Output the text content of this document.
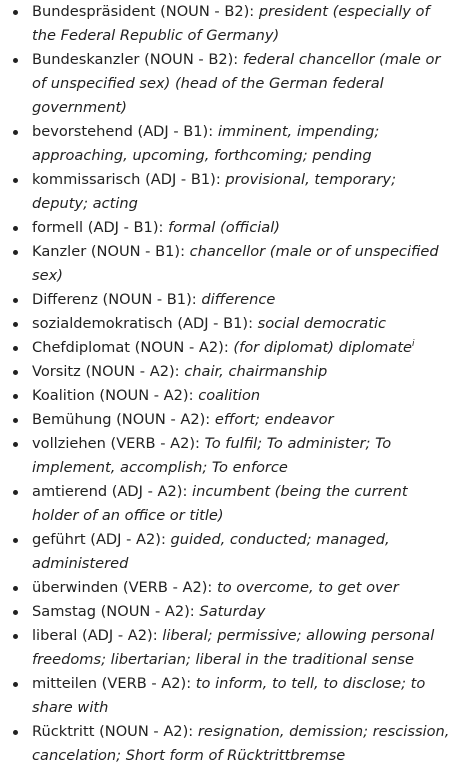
Bundespräsident (NOUN - B2): president (especially of the Federal Republic of Germany)
Bundeskanzler (NOUN - B2): federal chancellor (male or of unspecified sex) (head of the German federal government)
bevorstehend (ADJ - B1): imminent, impending; approaching, upcoming, forthcoming; pending
kommissarisch (ADJ - B1): provisional, temporary; deputy; acting
formell (ADJ - B1): formal (official)
Kanzler (NOUN - B1): chancellor (male or of unspecified sex)
Differenz (NOUN - B1): difference
sozialdemokratisch (ADJ - B1): social democratic
Chefdiplomat (NOUN - A2): (for diplomat) diplomate$^i$
Vorsitz (NOUN - A2): chair, chairmanship
Koalition (NOUN - A2): coalition
Bemühung (NOUN - A2): effort; endeavor
vollziehen (VERB - A2): To fulfil; To administer; To implement, accomplish; To enforce
amtierend (ADJ - A2): incumbent (being the current holder of an office or title)
geführt (ADJ - A2): guided, conducted; managed, administered
überwinden (VERB - A2): to overcome, to get over
Samstag (NOUN - A2): Saturday
liberal (ADJ - A2): liberal; permissive; allowing personal freedoms; libertarian; liberal in the traditional sense
mitteilen (VERB - A2): to inform, to tell, to disclose; to share with
Rücktritt (NOUN - A2): resignation, demission; rescission, cancelation; Short form of Rücktrittbremse
